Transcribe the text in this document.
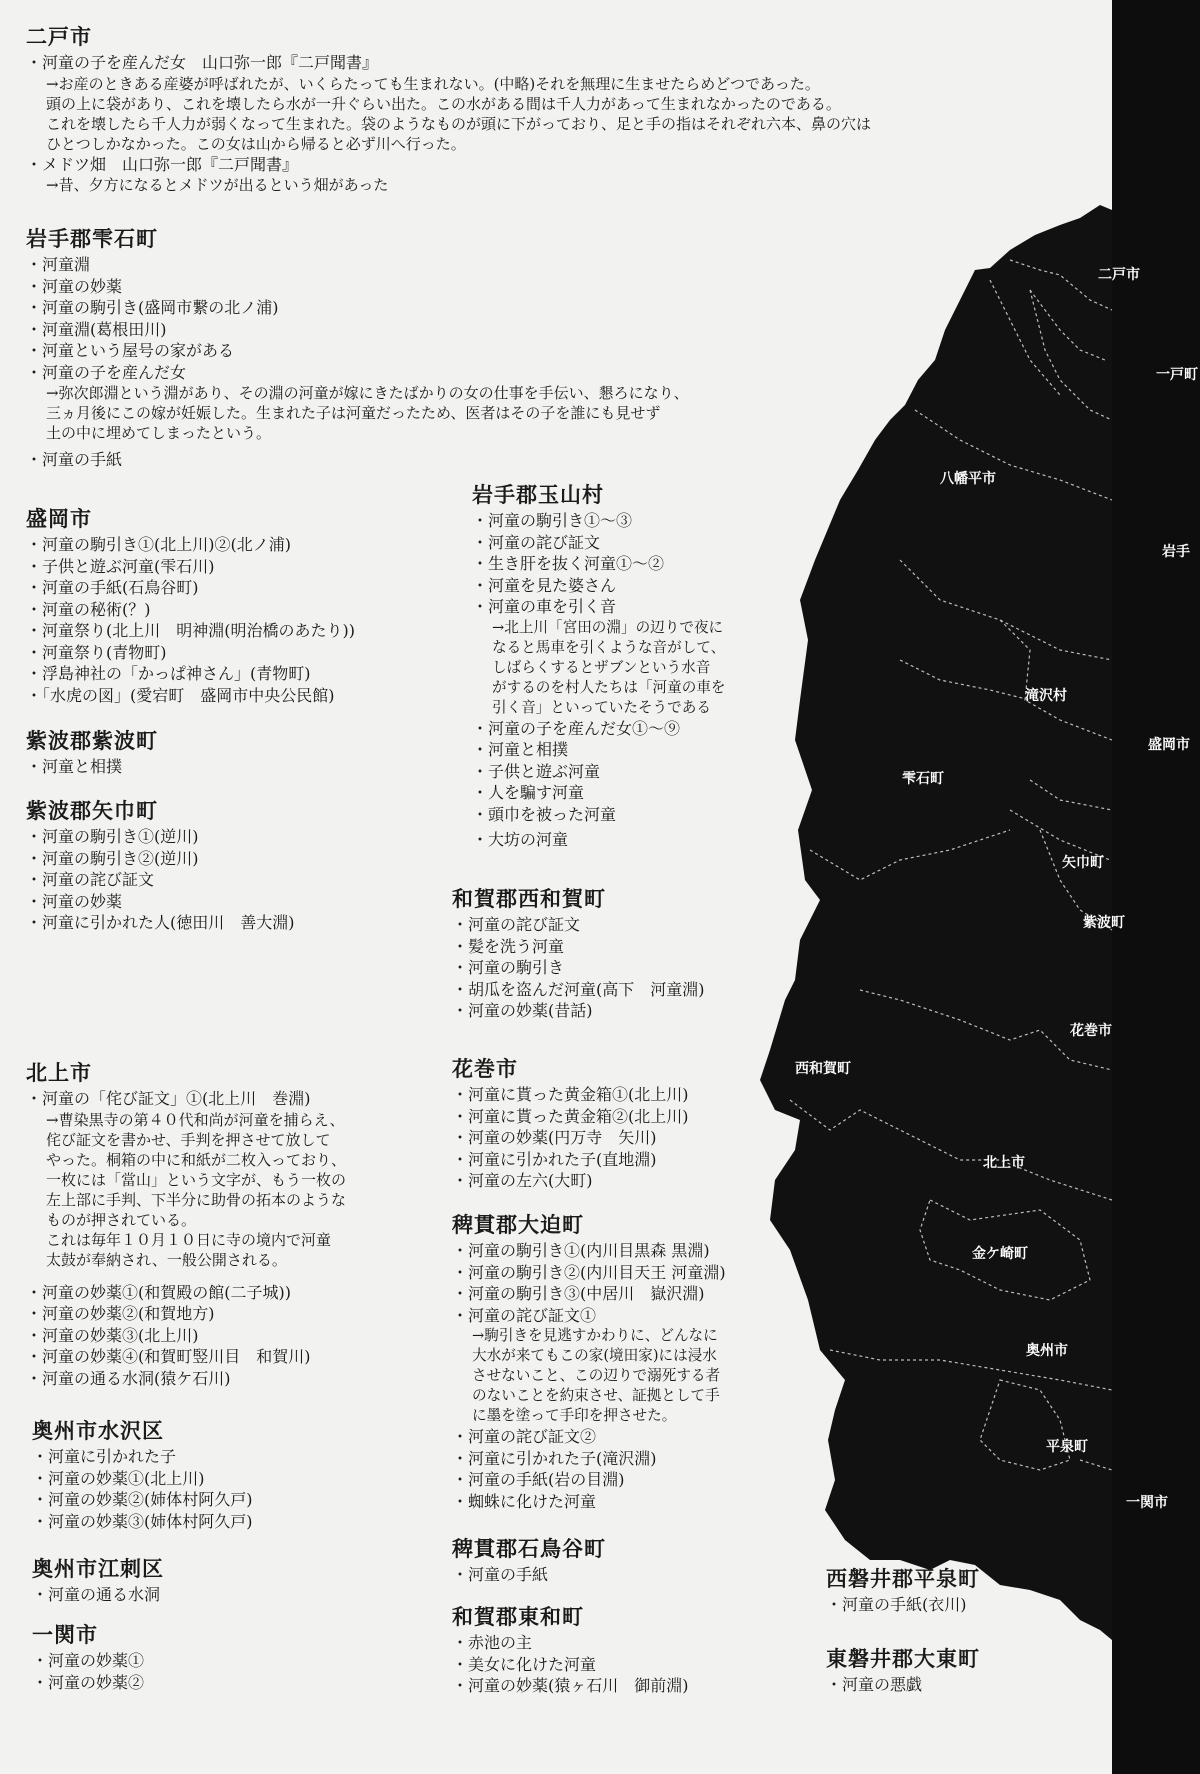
二戸市
一戸町
八幡平市
岩手
滝沢村
盛岡市
雫石町
矢巾町
紫波町
花巻市
西和賀町
北上市
金ケ崎町
奥州市
平泉町
一関市
二戸市
・河童の子を産んだ女　山口弥一郎『二戸聞書』
→お産のときある産婆が呼ばれたが、いくらたっても生まれない。(中略)それを無理に生ませたらめどつであった。
頭の上に袋があり、これを壊したら水が一升ぐらい出た。この水がある間は千人力があって生まれなかったのである。
これを壊したら千人力が弱くなって生まれた。袋のようなものが頭に下がっており、足と手の指はそれぞれ六本、鼻の穴は
ひとつしかなかった。この女は山から帰ると必ず川へ行った。
・メドツ畑　山口弥一郎『二戸聞書』
→昔、夕方になるとメドツが出るという畑があった
岩手郡雫石町
・河童淵
・河童の妙薬
・河童の駒引き(盛岡市繋の北ノ浦)
・河童淵(葛根田川)
・河童という屋号の家がある
・河童の子を産んだ女
→弥次郎淵という淵があり、その淵の河童が嫁にきたばかりの女の仕事を手伝い、懇ろになり、
三ヵ月後にこの嫁が妊娠した。生まれた子は河童だったため、医者はその子を誰にも見せず
土の中に埋めてしまったという。
・河童の手紙
盛岡市
・河童の駒引き①(北上川)②(北ノ浦)
・子供と遊ぶ河童(雫石川)
・河童の手紙(石鳥谷町)
・河童の秘術(？)
・河童祭り(北上川　明神淵(明治橋のあたり))
・河童祭り(青物町)
・浮島神社の「かっぱ神さん」(青物町)
・「水虎の図」(愛宕町　盛岡市中央公民館)
紫波郡紫波町
・河童と相撲
紫波郡矢巾町
・河童の駒引き①(逆川)
・河童の駒引き②(逆川)
・河童の詫び証文
・河童の妙薬
・河童に引かれた人(徳田川　善大淵)
岩手郡玉山村
・河童の駒引き①～③
・河童の詫び証文
・生き肝を抜く河童①～②
・河童を見た婆さん
・河童の車を引く音
→北上川「宮田の淵」の辺りで夜に
なると馬車を引くような音がして、
しばらくするとザブンという水音
がするのを村人たちは「河童の車を
引く音」といっていたそうである
・河童の子を産んだ女①～⑨
・河童と相撲
・子供と遊ぶ河童
・人を騙す河童
・頭巾を被った河童
・大坊の河童
和賀郡西和賀町
・河童の詫び証文
・髪を洗う河童
・河童の駒引き
・胡瓜を盗んだ河童(高下　河童淵)
・河童の妙薬(昔話)
北上市
・河童の「侘び証文」①(北上川　巻淵)
→曹染黒寺の第４０代和尚が河童を捕らえ、
侘び証文を書かせ、手判を押させて放して
やった。桐箱の中に和紙が二枚入っており、
一枚には「當山」という文字が、もう一枚の
左上部に手判、下半分に助骨の拓本のような
ものが押されている。
これは毎年１０月１０日に寺の境内で河童
太鼓が奉納され、一般公開される。
・河童の妙薬①(和賀殿の館(二子城))
・河童の妙薬②(和賀地方)
・河童の妙薬③(北上川)
・河童の妙薬④(和賀町竪川目　和賀川)
・河童の通る水洞(猿ケ石川)
奥州市水沢区
・河童に引かれた子
・河童の妙薬①(北上川)
・河童の妙薬②(姉体村阿久戸)
・河童の妙薬③(姉体村阿久戸)
奥州市江刺区
・河童の通る水洞
一関市
・河童の妙薬①
・河童の妙薬②
花巻市
・河童に貰った黄金箱①(北上川)
・河童に貰った黄金箱②(北上川)
・河童の妙薬(円万寺　矢川)
・河童に引かれた子(直地淵)
・河童の左六(大町)
稗貫郡大迫町
・河童の駒引き①(内川目黒森 黒淵)
・河童の駒引き②(内川目天王 河童淵)
・河童の駒引き③(中居川　嶽沢淵)
・河童の詫び証文①
→駒引きを見逃すかわりに、どんなに
大水が来てもこの家(境田家)には浸水
させないこと、この辺りで溺死する者
のないことを約束させ、証拠として手
に墨を塗って手印を押させた。
・河童の詫び証文②
・河童に引かれた子(滝沢淵)
・河童の手紙(岩の目淵)
・蜘蛛に化けた河童
稗貫郡石鳥谷町
・河童の手紙
和賀郡東和町
・赤池の主
・美女に化けた河童
・河童の妙薬(猿ヶ石川　御前淵)
西磐井郡平泉町
・河童の手紙(衣川)
東磐井郡大東町
・河童の悪戯
